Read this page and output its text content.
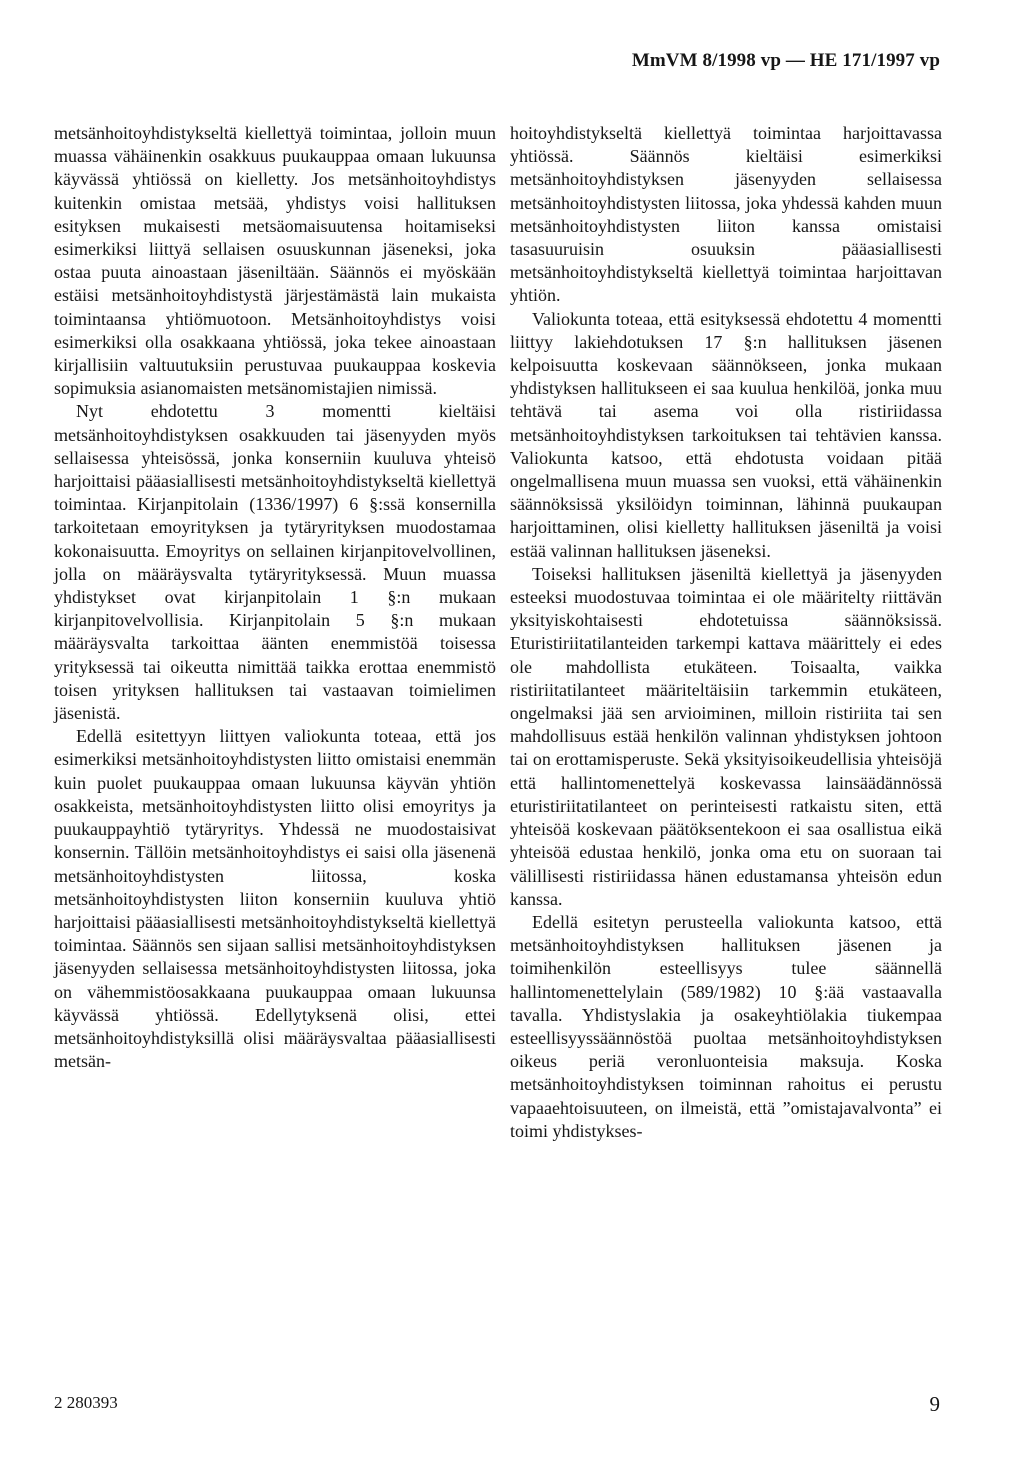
MmVM 8/1998 vp — HE 171/1997 vp

metsänhoitoyhdistykseltä kiellettyä toimintaa, jolloin muun muassa vähäinenkin osakkuus puukauppaa omaan lukuunsa käyvässä yhtiössä on kielletty. Jos metsänhoitoyhdistys kuitenkin omistaa metsää, yhdistys voisi hallituksen esityksen mukaisesti metsäomaisuutensa hoitamiseksi esimerkiksi liittyä sellaisen osuuskunnan jäseneksi, joka ostaa puuta ainoastaan jäseniltään. Säännös ei myöskään estäisi metsänhoitoyhdistystä järjestämästä lain mukaista toimintaansa yhtiömuotoon. Metsänhoitoyhdistys voisi esimerkiksi olla osakkaana yhtiössä, joka tekee ainoastaan kirjallisiin valtuutuksiin perustuvaa puukauppaa koskevia sopimuksia asianomaisten metsänomistajien nimissä.

Nyt ehdotettu 3 momentti kieltäisi metsänhoitoyhdistyksen osakkuuden tai jäsenyyden myös sellaisessa yhteisössä, jonka konserniin kuuluva yhteisö harjoittaisi pääasiallisesti metsänhoitoyhdistykseltä kiellettyä toimintaa. Kirjanpitolain (1336/1997) 6 §:ssä konsernilla tarkoitetaan emoyrityksen ja tytäryrityksen muodostamaa kokonaisuutta. Emoyritys on sellainen kirjanpitovelvollinen, jolla on määräysvalta tytäryrityksessä. Muun muassa yhdistykset ovat kirjanpitolain 1 §:n mukaan kirjanpitovelvollisia. Kirjanpitolain 5 §:n mukaan määräysvalta tarkoittaa äänten enemmistöä toisessa yrityksessä tai oikeutta nimittää taikka erottaa enemmistö toisen yrityksen hallituksen tai vastaavan toimielimen jäsenistä.

Edellä esitettyyn liittyen valiokunta toteaa, että jos esimerkiksi metsänhoitoyhdistysten liitto omistaisi enemmän kuin puolet puukauppaa omaan lukuunsa käyvän yhtiön osakkeista, metsänhoitoyhdistysten liitto olisi emoyritys ja puukauppayhtiö tytäryritys. Yhdessä ne muodostaisivat konsernin. Tällöin metsänhoitoyhdistys ei saisi olla jäsenenä metsänhoitoyhdistysten liitossa, koska metsänhoitoyhdistysten liiton konserniin kuuluva yhtiö harjoittaisi pääasiallisesti metsänhoitoyhdistykseltä kiellettyä toimintaa. Säännös sen sijaan sallisi metsänhoitoyhdistyksen jäsenyyden sellaisessa metsänhoitoyhdistysten liitossa, joka on vähemmistöosakkaana puukauppaa omaan lukuunsa käyvässä yhtiössä. Edellytyksenä olisi, ettei metsänhoitoyhdistyksillä olisi määräysvaltaa pääasiallisesti metsän-

hoitoyhdistykseltä kiellettyä toimintaa harjoittavassa yhtiössä. Säännös kieltäisi esimerkiksi metsänhoitoyhdistyksen jäsenyyden sellaisessa metsänhoitoyhdistysten liitossa, joka yhdessä kahden muun metsänhoitoyhdistysten liiton kanssa omistaisi tasasuuruisin osuuksin pääasiallisesti metsänhoitoyhdistykseltä kiellettyä toimintaa harjoittavan yhtiön.

Valiokunta toteaa, että esityksessä ehdotettu 4 momentti liittyy lakiehdotuksen 17 §:n hallituksen jäsenen kelpoisuutta koskevaan säännökseen, jonka mukaan yhdistyksen hallitukseen ei saa kuulua henkilöä, jonka muu tehtävä tai asema voi olla ristiriidassa metsänhoitoyhdistyksen tarkoituksen tai tehtävien kanssa. Valiokunta katsoo, että ehdotusta voidaan pitää ongelmallisena muun muassa sen vuoksi, että vähäinenkin säännöksissä yksilöidyn toiminnan, lähinnä puukaupan harjoittaminen, olisi kielletty hallituksen jäseniltä ja voisi estää valinnan hallituksen jäseneksi.

Toiseksi hallituksen jäseniltä kiellettyä ja jäsenyyden esteeksi muodostuvaa toimintaa ei ole määritelty riittävän yksityiskohtaisesti ehdotetuissa säännöksissä. Eturistiriitatilanteiden tarkempi kattava määrittely ei edes ole mahdollista etukäteen. Toisaalta, vaikka ristiriitatilanteet määriteltäisiin tarkemmin etukäteen, ongelmaksi jää sen arvioiminen, milloin ristiriita tai sen mahdollisuus estää henkilön valinnan yhdistyksen johtoon tai on erottamisperuste. Sekä yksityisoikeudellisia yhteisöjä että hallintomenettelyä koskevassa lainsäädännössä eturistiriitatilanteet on perinteisesti ratkaistu siten, että yhteisöä koskevaan päätöksentekoon ei saa osallistua eikä yhteisöä edustaa henkilö, jonka oma etu on suoraan tai välillisesti ristiriidassa hänen edustamansa yhteisön edun kanssa.

Edellä esitetyn perusteella valiokunta katsoo, että metsänhoitoyhdistyksen hallituksen jäsenen ja toimihenkilön esteellisyys tulee säännellä hallintomenettelylain (589/1982) 10 §:ää vastaavalla tavalla. Yhdistyslakia ja osakeyhtiölakia tiukempaa esteellisyyssäännöstöä puoltaa metsänhoitoyhdistyksen oikeus periä veronluonteisia maksuja. Koska metsänhoitoyhdistyksen toiminnan rahoitus ei perustu vapaaehtoisuuteen, on ilmeistä, että ”omistajavalvonta” ei toimi yhdistykses-

2 280393	9
